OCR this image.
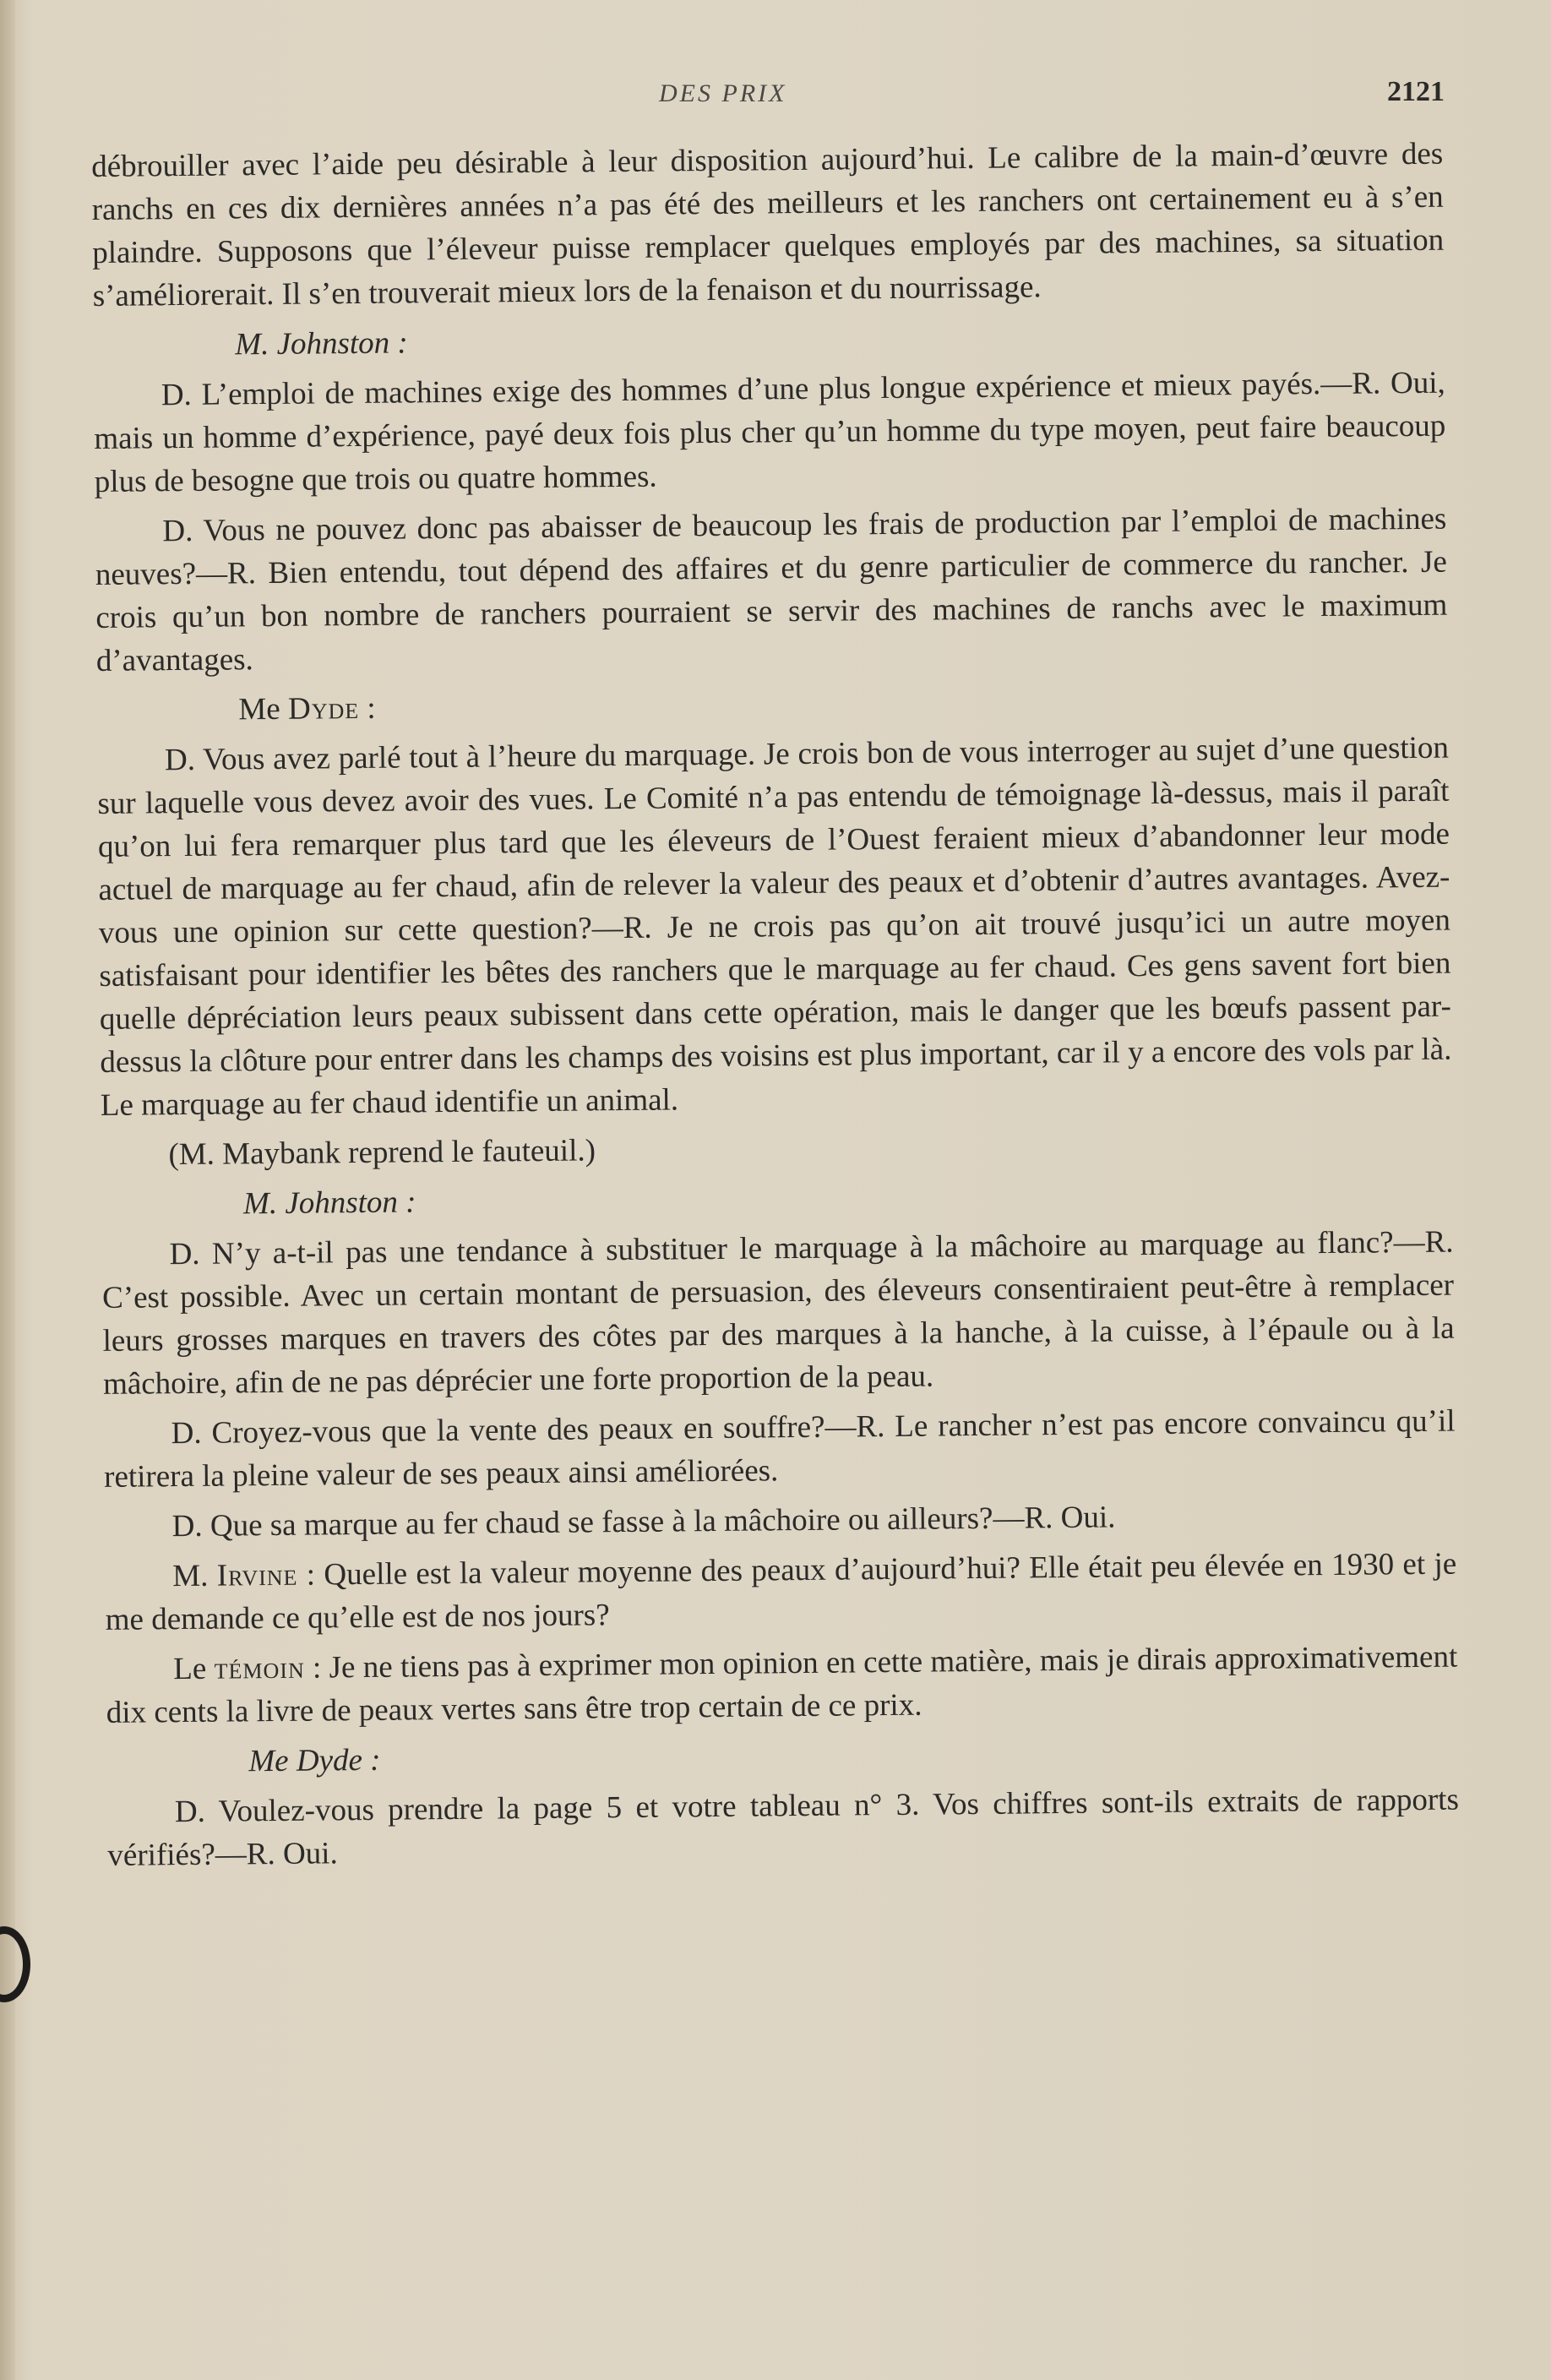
DES PRIX	2121

débrouiller avec l’aide peu désirable à leur disposition aujourd’hui. Le calibre de la main-d’œuvre des ranchs en ces dix dernières années n’a pas été des meilleurs et les ranchers ont certainement eu à s’en plaindre. Supposons que l’éleveur puisse remplacer quelques employés par des machines, sa situation s’améliorerait. Il s’en trouverait mieux lors de la fenaison et du nourrissage.

M. Johnston :

D. L’emploi de machines exige des hommes d’une plus longue expérience et mieux payés.—R. Oui, mais un homme d’expérience, payé deux fois plus cher qu’un homme du type moyen, peut faire beaucoup plus de besogne que trois ou quatre hommes.

D. Vous ne pouvez donc pas abaisser de beaucoup les frais de production par l’emploi de machines neuves?—R. Bien entendu, tout dépend des affaires et du genre particulier de commerce du rancher. Je crois qu’un bon nombre de ranchers pourraient se servir des machines de ranchs avec le maximum d’avantages.

Me Dyde :

D. Vous avez parlé tout à l’heure du marquage. Je crois bon de vous interroger au sujet d’une question sur laquelle vous devez avoir des vues. Le Comité n’a pas entendu de témoignage là-dessus, mais il paraît qu’on lui fera remarquer plus tard que les éleveurs de l’Ouest feraient mieux d’abandonner leur mode actuel de marquage au fer chaud, afin de relever la valeur des peaux et d’obtenir d’autres avantages. Avez-vous une opinion sur cette question?—R. Je ne crois pas qu’on ait trouvé jusqu’ici un autre moyen satisfaisant pour identifier les bêtes des ranchers que le marquage au fer chaud. Ces gens savent fort bien quelle dépréciation leurs peaux subissent dans cette opération, mais le danger que les bœufs passent par-dessus la clôture pour entrer dans les champs des voisins est plus important, car il y a encore des vols par là. Le marquage au fer chaud identifie un animal.

(M. Maybank reprend le fauteuil.)

M. Johnston :

D. N’y a-t-il pas une tendance à substituer le marquage à la mâchoire au marquage au flanc?—R. C’est possible. Avec un certain montant de persuasion, des éleveurs consentiraient peut-être à remplacer leurs grosses marques en travers des côtes par des marques à la hanche, à la cuisse, à l’épaule ou à la mâchoire, afin de ne pas déprécier une forte proportion de la peau.

D. Croyez-vous que la vente des peaux en souffre?—R. Le rancher n’est pas encore convaincu qu’il retirera la pleine valeur de ses peaux ainsi améliorées.

D. Que sa marque au fer chaud se fasse à la mâchoire ou ailleurs?—R. Oui.

M. Irvine : Quelle est la valeur moyenne des peaux d’aujourd’hui? Elle était peu élevée en 1930 et je me demande ce qu’elle est de nos jours?

Le témoin : Je ne tiens pas à exprimer mon opinion en cette matière, mais je dirais approximativement dix cents la livre de peaux vertes sans être trop certain de ce prix.

Me Dyde :

D. Voulez-vous prendre la page 5 et votre tableau n° 3. Vos chiffres sont-ils extraits de rapports vérifiés?—R. Oui.
